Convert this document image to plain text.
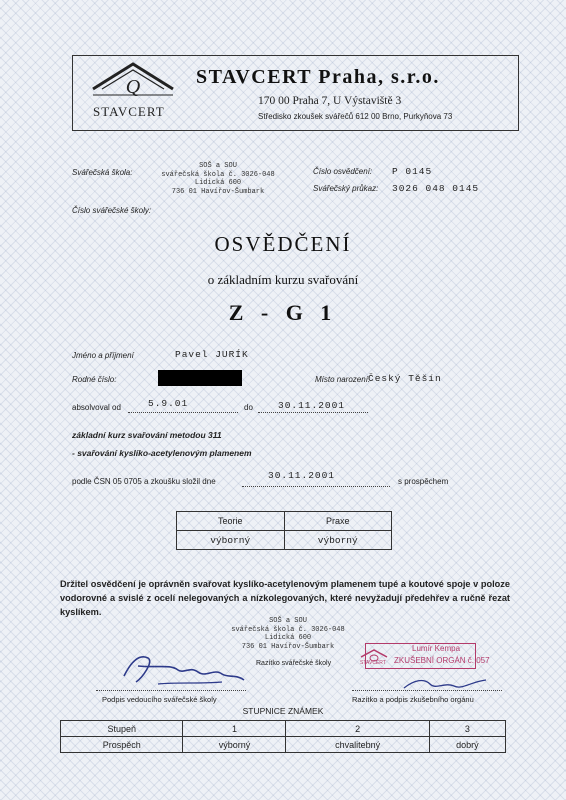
Q
STAVCERT
STAVCERT Praha, s.r.o.
170 00 Praha 7, U Výstaviště 3
Středisko zkoušek svářečů 612 00 Brno, Purkyňova 73
Svářečská škola:
SOŠ a SOU
svářečská škola č. 3026-048
Lidická 600
736 01 Havířov-Šumbark
Číslo svářečské školy:
Číslo osvědčení: P 0145
Svářečský průkaz: 3026 048 0145
OSVĚDČENÍ
o základním kurzu svařování
Z - G 1
Jméno a příjmení	Pavel JURÍK
Rodné číslo:	Místo narození:
Český Těšín
absolvoval od	5.9.01	do	30.11.2001
základní kurz svařování metodou 311
- svařování kyslíko-acetylenovým plamenem
podle ČSN 05 0705 a zkoušku složil dne
30.11.2001
s prospěchem
Teorie	Praxe
výborný	výborný
Držitel osvědčení je oprávněn svařovat kyslíko-acetylenovým plamenem tupé a koutové spoje v poloze vodorovné a svislé z ocelí nelegovaných a nízkolegovaných, které nevyžadují předehřev a ručně řezat kyslíkem.
SOŠ a SOU
svářečská škola č. 3026-048
Lidická 600
736 01 Havířov-Šumbark
Razítko svářečské školy	STAVCERT
Lumír Kempa
ZKUŠEBNÍ ORGÁN č. 057
Podpis vedoucího svářečské školy	Razítko a podpis zkušebního orgánu
STUPNICE ZNÁMEK
Stupeň	1	2	3
Prospěch	výborný	chvalitebný	dobrý
